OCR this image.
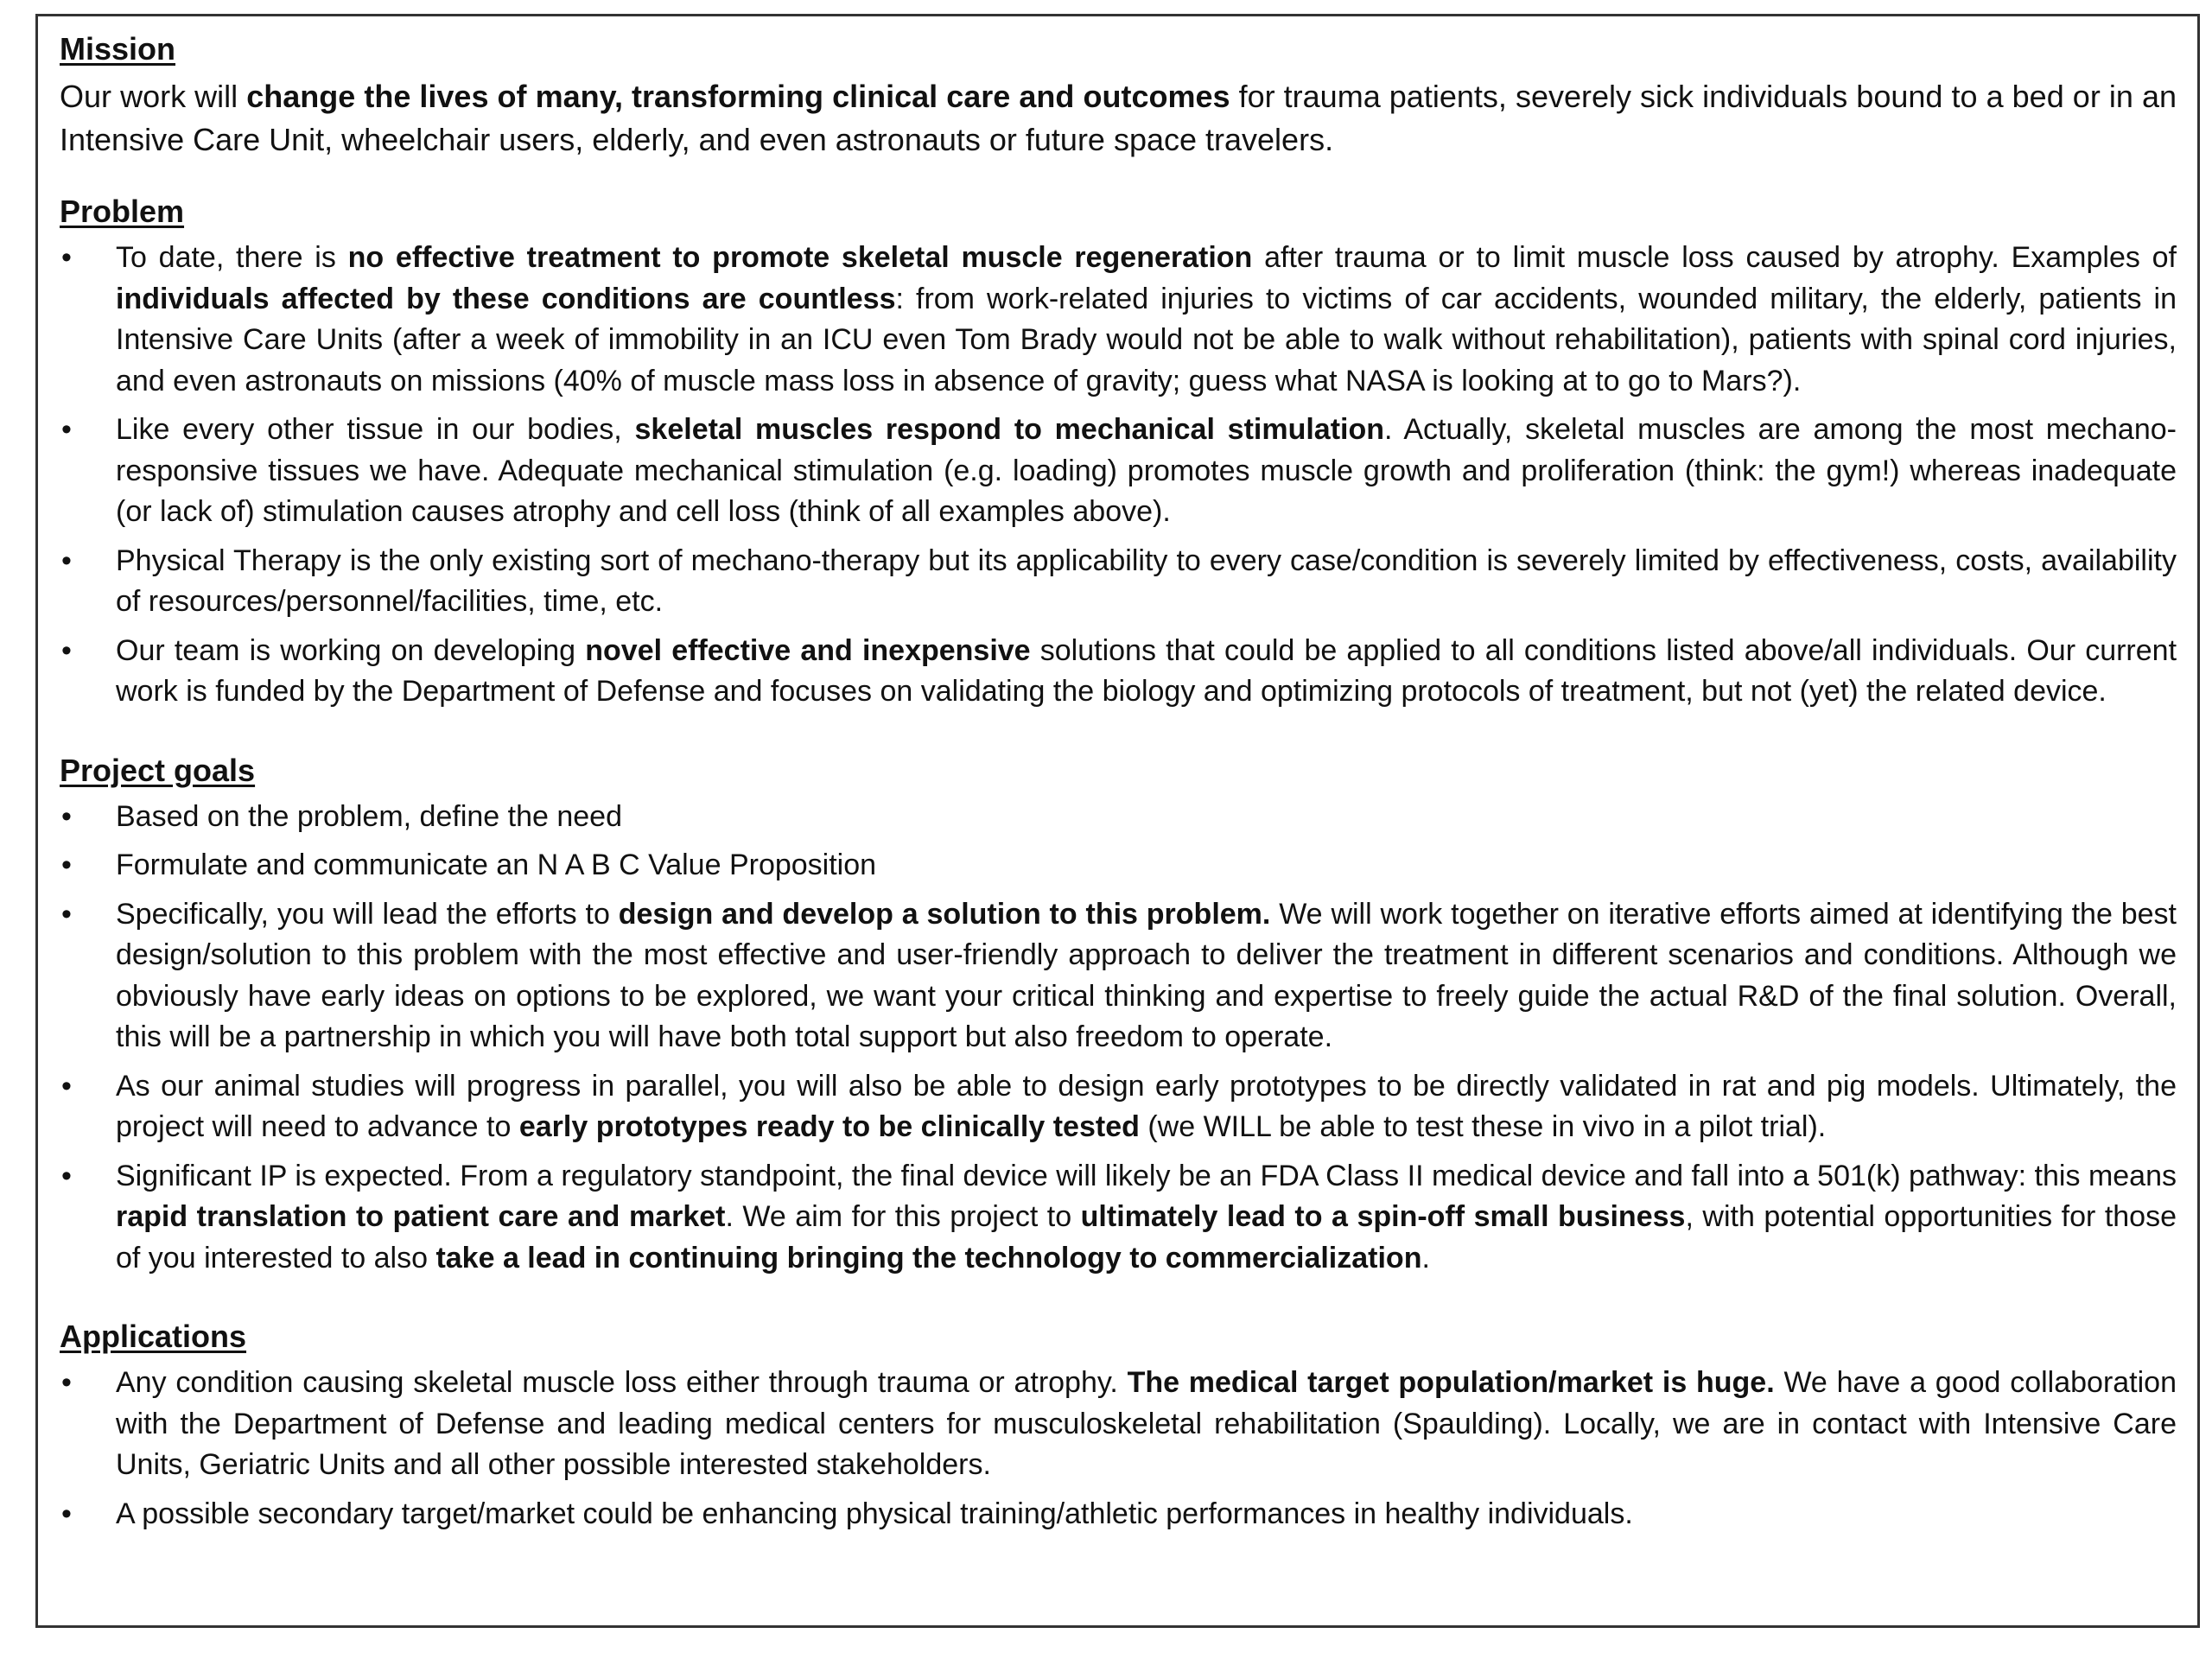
Mission

Our work will change the lives of many, transforming clinical care and outcomes for trauma patients, severely sick individuals bound to a bed or in an Intensive Care Unit, wheelchair users, elderly, and even astronauts or future space travelers.

Problem
•	To date, there is no effective treatment to promote skeletal muscle regeneration after trauma or to limit muscle loss caused by atrophy. Examples of individuals affected by these conditions are countless: from work-related injuries to victims of car accidents, wounded military, the elderly, patients in Intensive Care Units (after a week of immobility in an ICU even Tom Brady would not be able to walk without rehabilitation), patients with spinal cord injuries, and even astronauts on missions (40% of muscle mass loss in absence of gravity; guess what NASA is looking at to go to Mars?).
•	Like every other tissue in our bodies, skeletal muscles respond to mechanical stimulation. Actually, skeletal muscles are among the most mechano-responsive tissues we have. Adequate mechanical stimulation (e.g. loading) promotes muscle growth and proliferation (think: the gym!) whereas inadequate (or lack of) stimulation causes atrophy and cell loss (think of all examples above).
•	Physical Therapy is the only existing sort of mechano-therapy but its applicability to every case/condition is severely limited by effectiveness, costs, availability of resources/personnel/facilities, time, etc.
•	Our team is working on developing novel effective and inexpensive solutions that could be applied to all conditions listed above/all individuals. Our current work is funded by the Department of Defense and focuses on validating the biology and optimizing protocols of treatment, but not (yet) the related device.
Project goals
•	Based on the problem, define the need
•	Formulate and communicate an N A B C Value Proposition
•	Specifically, you will lead the efforts to design and develop a solution to this problem. We will work together on iterative efforts aimed at identifying the best design/solution to this problem with the most effective and user-friendly approach to deliver the treatment in different scenarios and conditions. Although we obviously have early ideas on options to be explored, we want your critical thinking and expertise to freely guide the actual R&D of the final solution. Overall, this will be a partnership in which you will have both total support but also freedom to operate.
•	As our animal studies will progress in parallel, you will also be able to design early prototypes to be directly validated in rat and pig models. Ultimately, the project will need to advance to early prototypes ready to be clinically tested (we WILL be able to test these in vivo in a pilot trial).
•	Significant IP is expected. From a regulatory standpoint, the final device will likely be an FDA Class II medical device and fall into a 501(k) pathway: this means rapid translation to patient care and market. We aim for this project to ultimately lead to a spin-off small business, with potential opportunities for those of you interested to also take a lead in continuing bringing the technology to commercialization.
Applications
•	Any condition causing skeletal muscle loss either through trauma or atrophy. The medical target population/market is huge. We have a good collaboration with the Department of Defense and leading medical centers for musculoskeletal rehabilitation (Spaulding). Locally, we are in contact with Intensive Care Units, Geriatric Units and all other possible interested stakeholders.
•	A possible secondary target/market could be enhancing physical training/athletic performances in healthy individuals.
